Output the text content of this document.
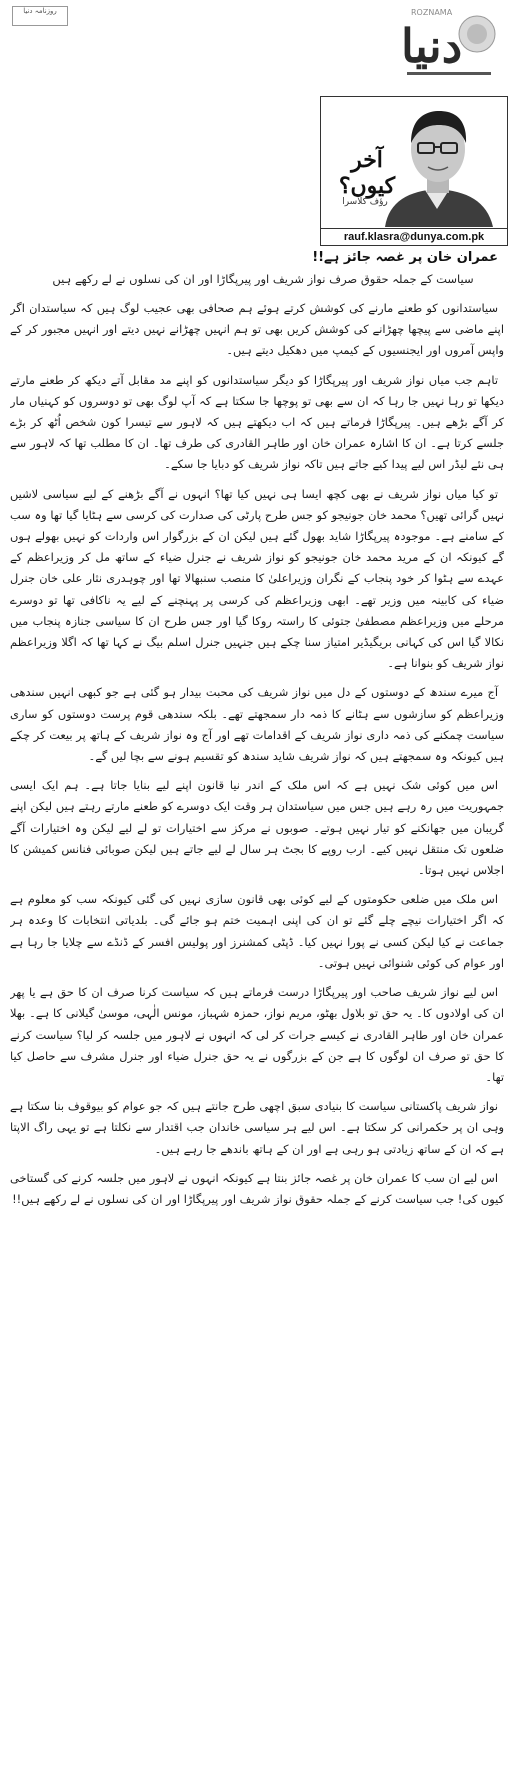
روزنامہ دنیا	ROZNAMA
دنیا
آخر کیوں؟
رؤف کلاسرا
rauf.klasra@dunya.com.pk
عمران خان پر غصہ جائز ہے!!
سیاست کے جملہ حقوق صرف نواز شریف اور پیرپگاڑا اور ان کی نسلوں نے لے رکھے ہیں

سیاستدانوں کو طعنے مارنے کی کوشش کرتے ہوئے ہم صحافی بھی عجیب لوگ ہیں کہ سیاستدان اگر اپنے ماضی سے پیچھا چھڑانے کی کوشش کریں بھی تو ہم انہیں چھڑانے نہیں دیتے اور انہیں مجبور کر کے واپس آمروں اور ایجنسیوں کے کیمپ میں دھکیل دیتے ہیں۔

تاہم جب میاں نواز شریف اور پیرپگاڑا کو دیگر سیاستدانوں کو اپنے مد مقابل آتے دیکھ کر طعنے مارتے دیکھا تو رہا نہیں جا رہا کہ ان سے بھی تو پوچھا جا سکتا ہے کہ آپ لوگ بھی تو دوسروں کو کہنیاں مار کر آگے بڑھے ہیں۔ پیرپگاڑا فرماتے ہیں کہ اب دیکھتے ہیں کہ لاہور سے تیسرا کون شخص اُٹھ کر بڑے جلسے کرتا ہے۔ ان کا اشارہ عمران خان اور طاہر القادری کی طرف تھا۔ ان کا مطلب تھا کہ لاہور سے ہی نئے لیڈر اس لیے پیدا کیے جاتے ہیں تاکہ نواز شریف کو دبایا جا سکے۔

تو کیا میاں نواز شریف نے بھی کچھ ایسا ہی نہیں کیا تھا؟ انہوں نے آگے بڑھنے کے لیے سیاسی لاشیں نہیں گرائی تھیں؟ محمد خان جونیجو کو جس طرح پارٹی کی صدارت کی کرسی سے ہٹایا گیا تھا وہ سب کے سامنے ہے۔ موجودہ پیرپگاڑا شاید بھول گئے ہیں لیکن ان کے بزرگوار اس واردات کو نہیں بھولے ہوں گے کیونکہ ان کے مرید محمد خان جونیجو کو نواز شریف نے جنرل ضیاء کے ساتھ مل کر وزیراعظم کے عہدے سے ہٹوا کر خود پنجاب کے نگران وزیراعلیٰ کا منصب سنبھالا تھا اور چوہدری نثار علی خان جنرل ضیاء کی کابینہ میں وزیر تھے۔ ابھی وزیراعظم کی کرسی پر پہنچنے کے لیے یہ ناکافی تھا تو دوسرے مرحلے میں وزیراعظم مصطفیٰ جتوئی کا راستہ روکا گیا اور جس طرح ان کا سیاسی جنازہ پنجاب میں نکالا گیا اس کی کہانی بریگیڈیر امتیاز سنا چکے ہیں جنہیں جنرل اسلم بیگ نے کہا تھا کہ اگلا وزیراعظم نواز شریف کو بنوانا ہے۔

آج میرے سندھ کے دوستوں کے دل میں نواز شریف کی محبت بیدار ہو گئی ہے جو کبھی انہیں سندھی وزیراعظم کو سازشوں سے ہٹانے کا ذمہ دار سمجھتے تھے۔ بلکہ سندھی قوم پرست دوستوں کو ساری سیاست چمکنے کی ذمہ داری نواز شریف کے اقدامات تھے اور آج وہ نواز شریف کے ہاتھ پر بیعت کر چکے ہیں کیونکہ وہ سمجھتے ہیں کہ نواز شریف شاید سندھ کو تقسیم ہونے سے بچا لیں گے۔

اس میں کوئی شک نہیں ہے کہ اس ملک کے اندر نیا قانون اپنے لیے بنایا جاتا ہے۔ ہم ایک ایسی جمہوریت میں رہ رہے ہیں جس میں سیاستدان ہر وقت ایک دوسرے کو طعنے مارتے رہتے ہیں لیکن اپنے گریبان میں جھانکنے کو تیار نہیں ہوتے۔ صوبوں نے مرکز سے اختیارات تو لے لیے لیکن وہ اختیارات آگے ضلعوں تک منتقل نہیں کیے۔ ارب روپے کا بجٹ ہر سال لے لیے جاتے ہیں لیکن صوبائی فنانس کمیشن کا اجلاس نہیں ہوتا۔

اس ملک میں ضلعی حکومتوں کے لیے کوئی بھی قانون سازی نہیں کی گئی کیونکہ سب کو معلوم ہے کہ اگر اختیارات نیچے چلے گئے تو ان کی اپنی اہمیت ختم ہو جائے گی۔ بلدیاتی انتخابات کا وعدہ ہر جماعت نے کیا لیکن کسی نے پورا نہیں کیا۔ ڈپٹی کمشنرز اور پولیس افسر کے ڈنڈے سے چلایا جا رہا ہے اور عوام کی کوئی شنوائی نہیں ہوتی۔

اس لیے نواز شریف صاحب اور پیرپگاڑا درست فرماتے ہیں کہ سیاست کرنا صرف ان کا حق ہے یا پھر ان کی اولادوں کا۔ یہ حق تو بلاول بھٹو، مریم نواز، حمزہ شہباز، مونس الٰہی، موسیٰ گیلانی کا ہے۔ بھلا عمران خان اور طاہر القادری نے کیسے جرات کر لی کہ انہوں نے لاہور میں جلسہ کر لیا؟ سیاست کرنے کا حق تو صرف ان لوگوں کا ہے جن کے بزرگوں نے یہ حق جنرل ضیاء اور جنرل مشرف سے حاصل کیا تھا۔

نواز شریف پاکستانی سیاست کا بنیادی سبق اچھی طرح جانتے ہیں کہ جو عوام کو بیوقوف بنا سکتا ہے وہی ان پر حکمرانی کر سکتا ہے۔ اس لیے ہر سیاسی خاندان جب اقتدار سے نکلتا ہے تو یہی راگ الاپتا ہے کہ ان کے ساتھ زیادتی ہو رہی ہے اور ان کے ہاتھ باندھے جا رہے ہیں۔

اس لیے ان سب کا عمران خان پر غصہ جائز بنتا ہے کیونکہ انہوں نے لاہور میں جلسہ کرنے کی گستاخی کیوں کی! جب سیاست کرنے کے جملہ حقوق نواز شریف اور پیرپگاڑا اور ان کی نسلوں نے لے رکھے ہیں!!
